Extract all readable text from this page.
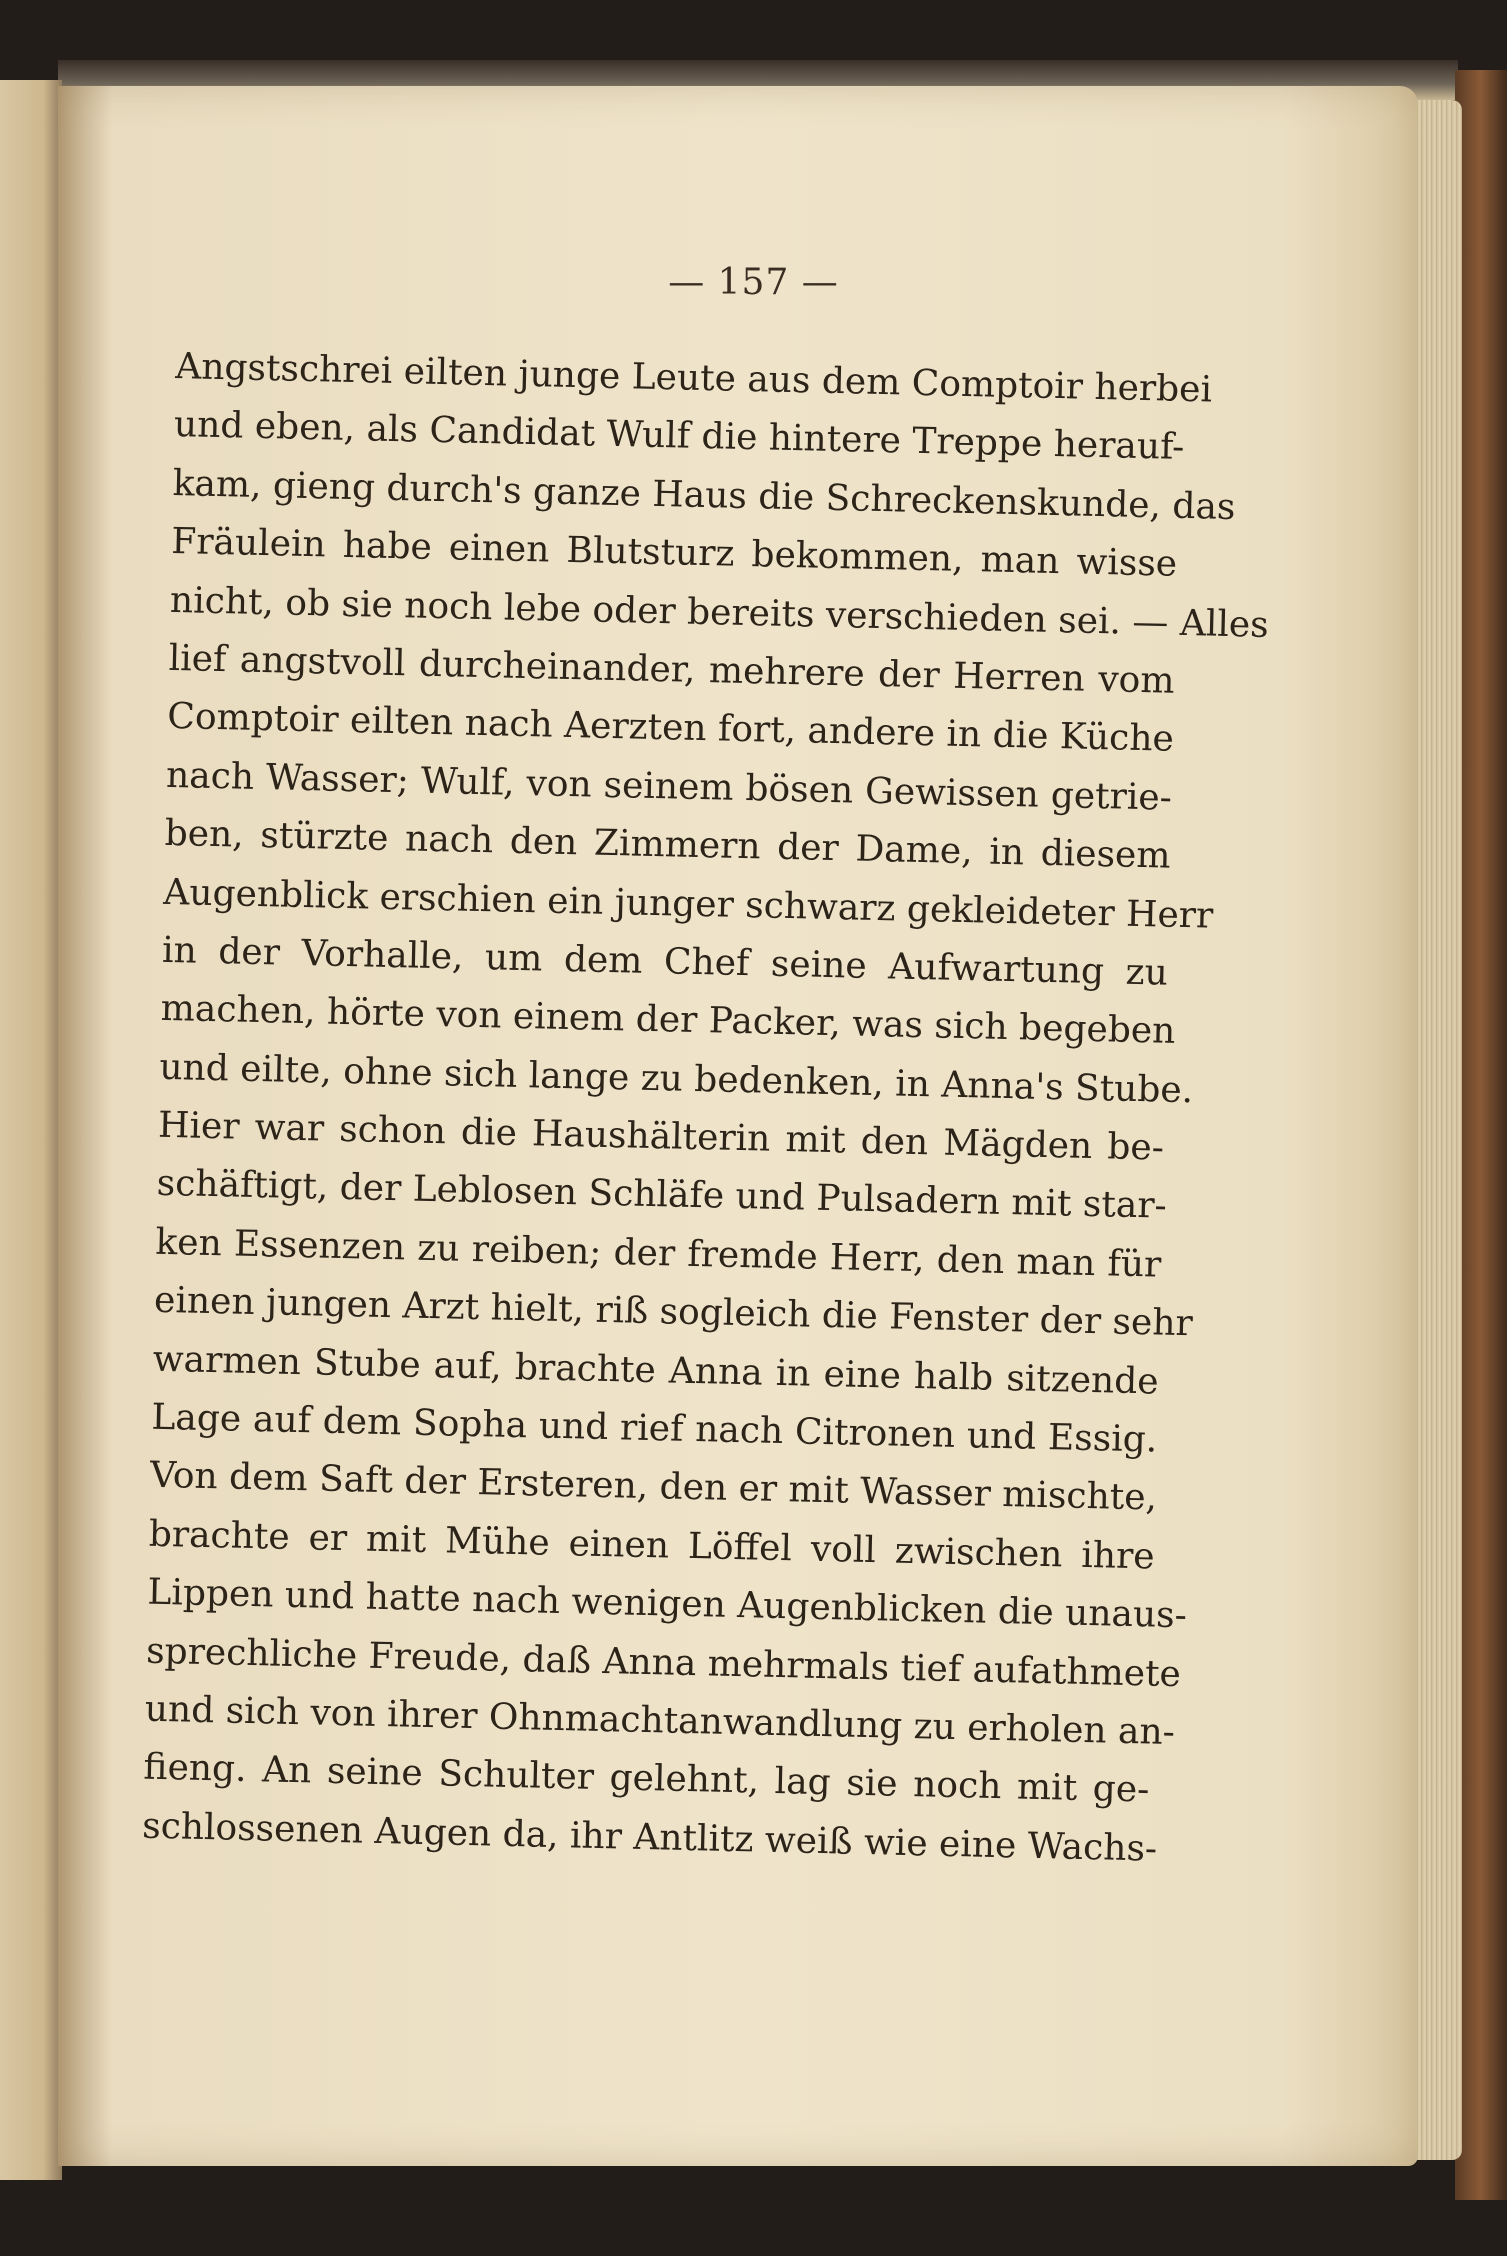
— 157 —
Angstschrei eilten junge Leute aus dem Comptoir herbei
und eben, als Candidat Wulf die hintere Treppe herauf-
kam, gieng durch's ganze Haus die Schreckenskunde, das
Fräulein habe einen Blutsturz bekommen, man wisse
nicht, ob sie noch lebe oder bereits verschieden sei. — Alles
lief angstvoll durcheinander, mehrere der Herren vom
Comptoir eilten nach Aerzten fort, andere in die Küche
nach Wasser; Wulf, von seinem bösen Gewissen getrie-
ben, stürzte nach den Zimmern der Dame, in diesem
Augenblick erschien ein junger schwarz gekleideter Herr
in der Vorhalle, um dem Chef seine Aufwartung zu
machen, hörte von einem der Packer, was sich begeben
und eilte, ohne sich lange zu bedenken, in Anna's Stube.
Hier war schon die Haushälterin mit den Mägden be-
schäftigt, der Leblosen Schläfe und Pulsadern mit star-
ken Essenzen zu reiben; der fremde Herr, den man für
einen jungen Arzt hielt, riß sogleich die Fenster der sehr
warmen Stube auf, brachte Anna in eine halb sitzende
Lage auf dem Sopha und rief nach Citronen und Essig.
Von dem Saft der Ersteren, den er mit Wasser mischte,
brachte er mit Mühe einen Löffel voll zwischen ihre
Lippen und hatte nach wenigen Augenblicken die unaus-
sprechliche Freude, daß Anna mehrmals tief aufathmete
und sich von ihrer Ohnmachtanwandlung zu erholen an-
fieng. An seine Schulter gelehnt, lag sie noch mit ge-
schlossenen Augen da, ihr Antlitz weiß wie eine Wachs-
